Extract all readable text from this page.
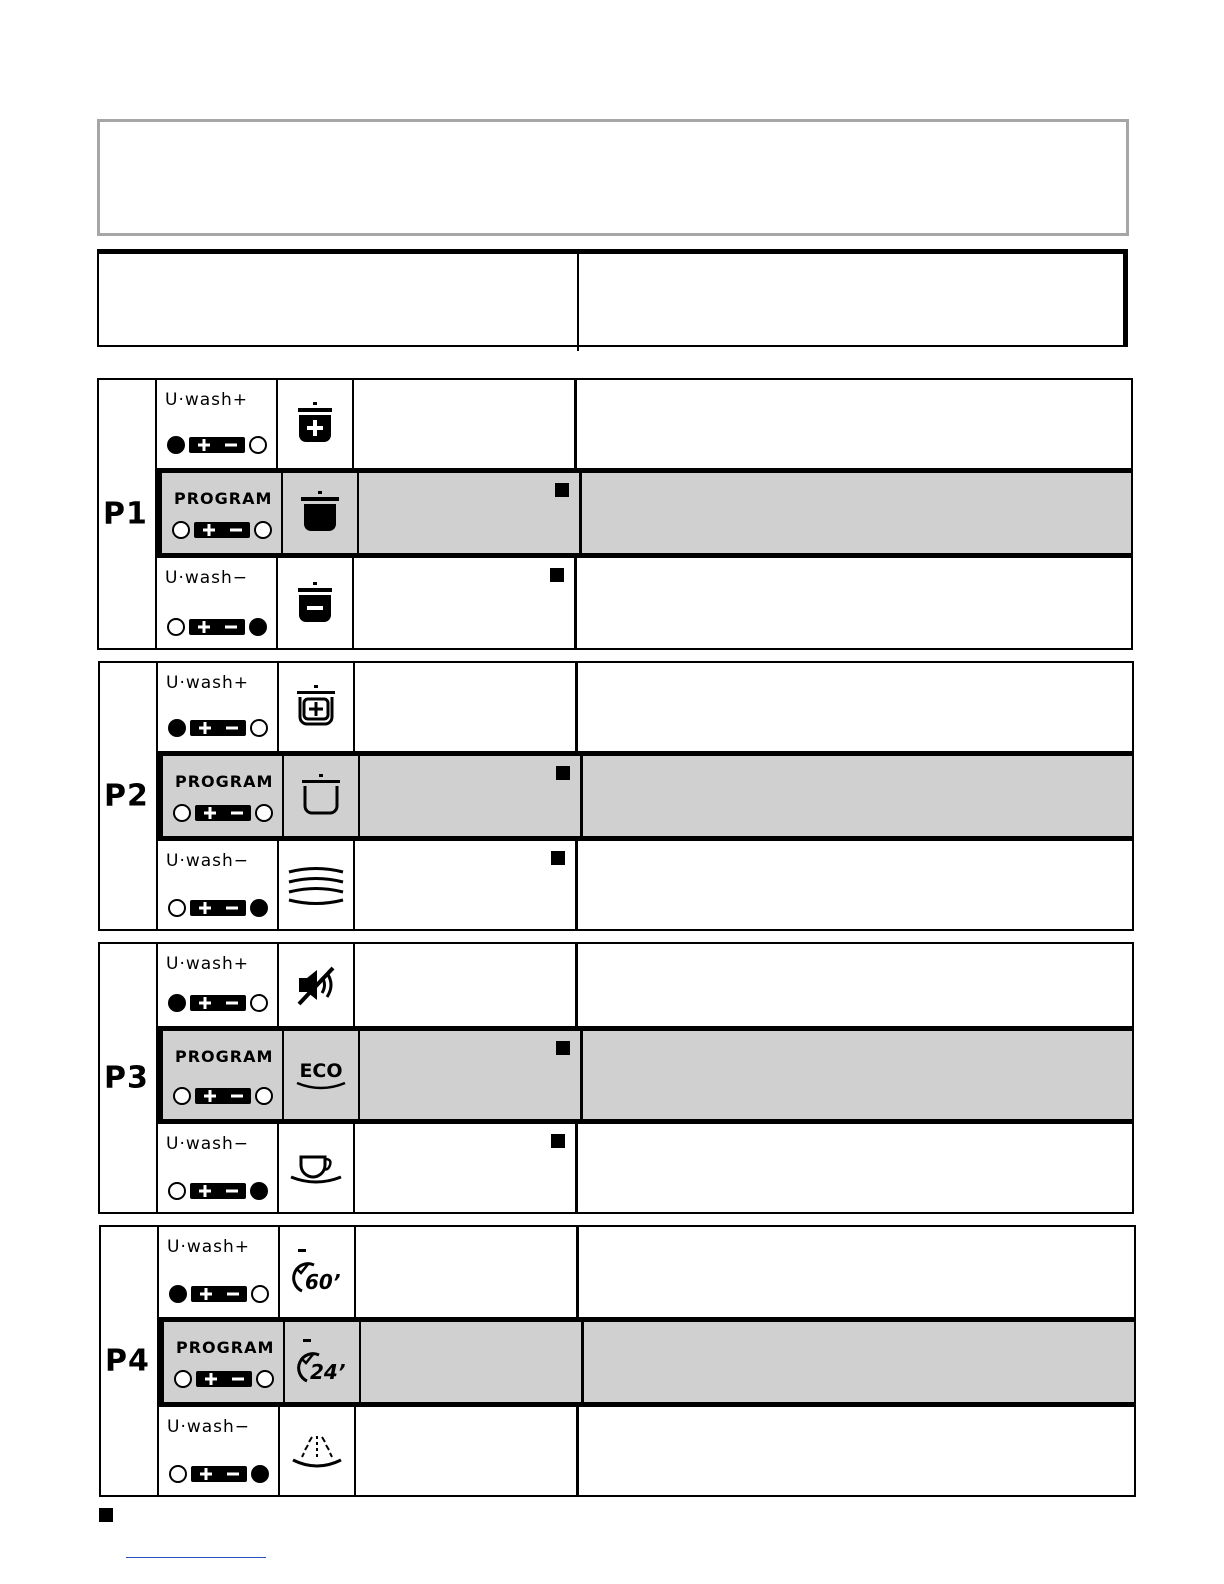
P1
U·wash+
PROGRAM
U·wash−
P2
U·wash+
PROGRAM
U·wash−
P3
U·wash+
PROGRAM
ECO
U·wash−
P4
U·wash+
60’
PROGRAM
24’
U·wash−
